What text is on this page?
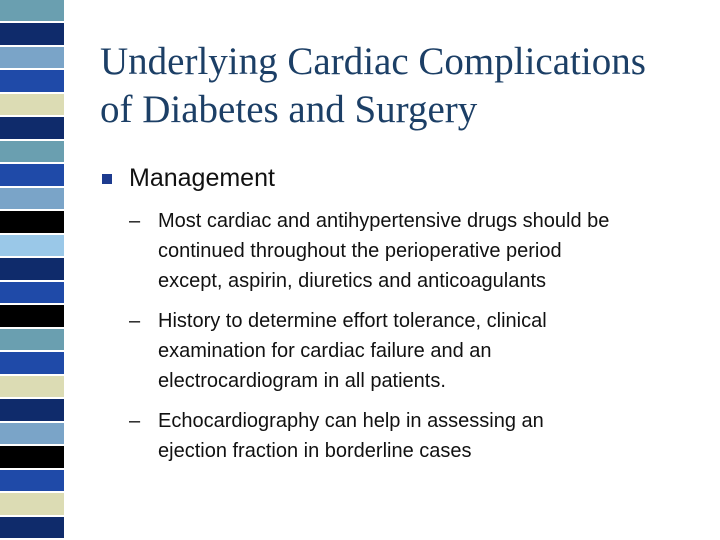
Underlying Cardiac Complications
of Diabetes and Surgery

Management

– Most cardiac and antihypertensive drugs should be
continued throughout the perioperative period
except, aspirin, diuretics and anticoagulants
– History to determine effort tolerance, clinical
examination for cardiac failure and an
electrocardiogram in all patients.
– Echocardiography can help in assessing an
ejection fraction in borderline cases
